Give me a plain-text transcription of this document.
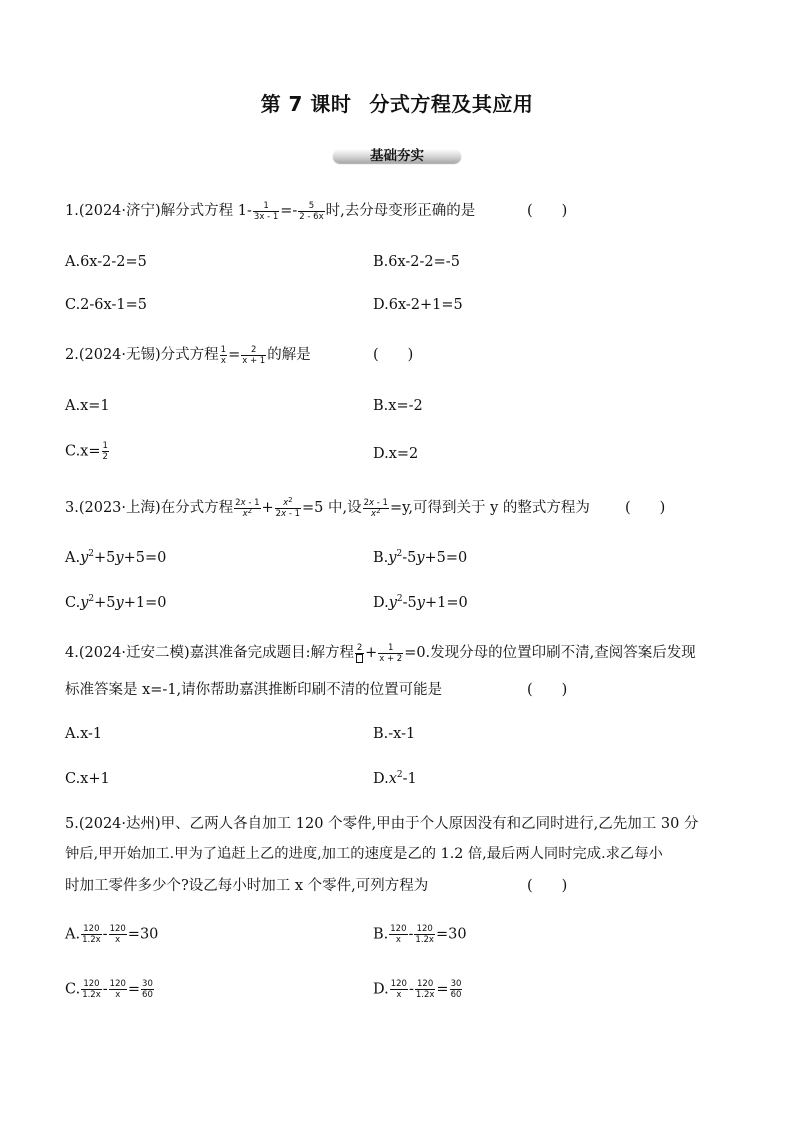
第 7 课时 分式方程及其应用
基础夯实
1.(2024·济宁)解分式方程 $1- \frac{1}{3x - 1} =- \frac{5}{2 - 6x}$ 时,去分母变形正确的是	(　　)
A.6x-2-2=5	B.6x-2-2=-5
C.2-6x-1=5	D.6x-2+1=5
2.(2024·无锡)分式方程 $\frac{1}{x} = \frac{2}{x + 1}$ 的解是	(　　)
A.x=1	B.x=-2
$C.x= \frac{1}{2}$	D.x=2
3.(2023·上海)在分式方程 $\frac{2x - 1}{x^2} + \frac{x^2}{2x - 1} =5$ 中,设 $\frac{2x - 1}{x^2} =y$,可得到关于 y 的整式方程为 (　　)
$A.y^2+5y+5=0$	$B.y^2-5y+5=0$
$C.y^2+5y+1=0$	$D.y^2-5y+1=0$
4.(2024·迁安二模)嘉淇准备完成题目:解方程 $2 + \frac{1}{x + 2} =0$.发现分母的位置印刷不清,查阅答案后发现
标准答案是 x=-1,请你帮助嘉淇推断印刷不清的位置可能是	(　　)
A.x-1	B.-x-1
C.x+1	$D.x^2-1$
5.(2024·达州)甲、乙两人各自加工 120 个零件,甲由于个人原因没有和乙同时进行,乙先加工 30 分
钟后,甲开始加工.甲为了追赶上乙的进度,加工的速度是乙的 1.2 倍,最后两人同时完成.求乙每小
时加工零件多少个?设乙每小时加工 x 个零件,可列方程为	(　　)
A. $\frac{120}{1.2x} - \frac{120}{x} =30$	B. $\frac{120}{x} - \frac{120}{1.2x} =30$
C. $\frac{120}{1.2x} - \frac{120}{x} = \frac{30}{60}$	D. $\frac{120}{x} - \frac{120}{1.2x} = \frac{30}{60}$
